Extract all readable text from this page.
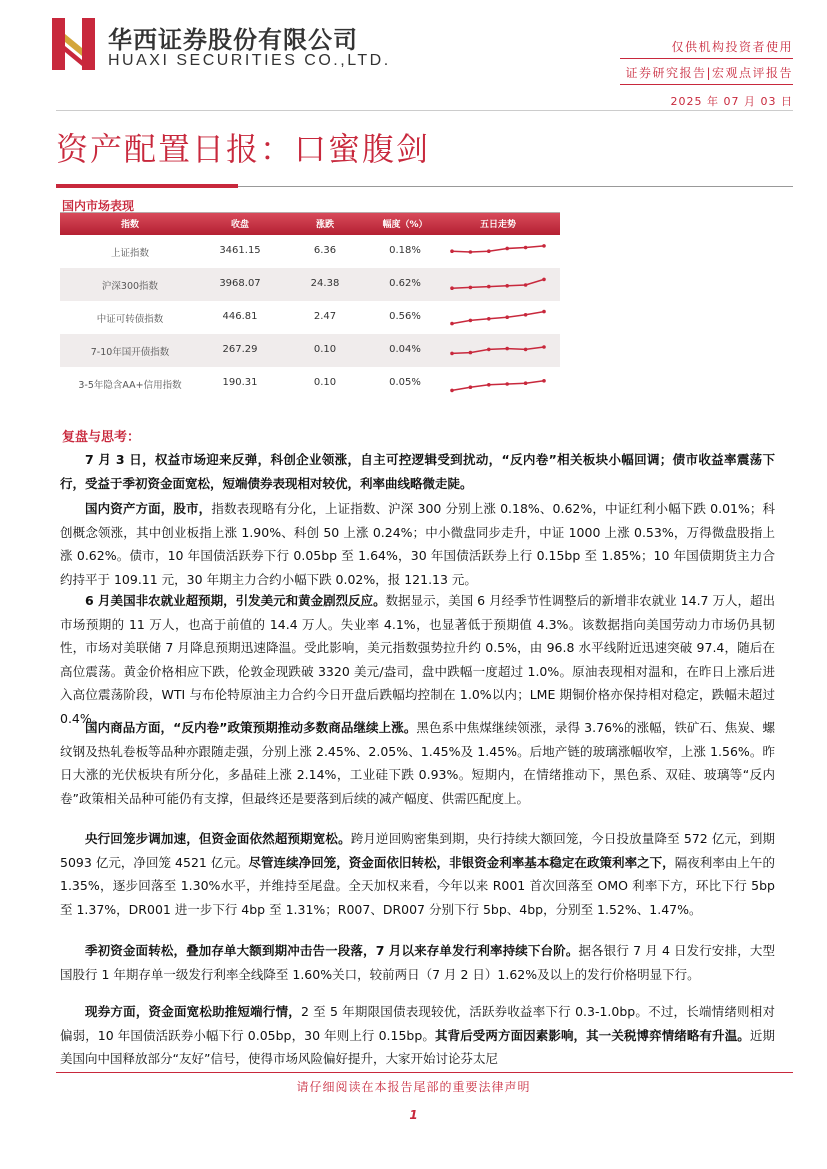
华西证券股份有限公司
HUAXI SECURITIES CO.,LTD.
仅供机构投资者使用
证券研究报告|宏观点评报告
2025 年 07 月 03 日
资产配置日报：口蜜腹剑
国内市场表现
指数	收盘	涨跌	幅度（%）	五日走势
上证指数	3461.15	6.36	0.18%
沪深300指数	3968.07	24.38	0.62%
中证可转债指数	446.81	2.47	0.56%
7-10年国开债指数	267.29	0.10	0.04%
3-5年隐含AA+信用指数	190.31	0.10	0.05%
复盘与思考：
7 月 3 日，权益市场迎来反弹，科创企业领涨，自主可控逻辑受到扰动，“反内卷”相关板块小幅回调；债市收益率震荡下行，受益于季初资金面宽松，短端债券表现相对较优，利率曲线略微走陡。
国内资产方面，股市，指数表现略有分化，上证指数、沪深 300 分别上涨 0.18%、0.62%，中证红利小幅下跌 0.01%；科创概念领涨，其中创业板指上涨 1.90%、科创 50 上涨 0.24%；中小微盘同步走升，中证 1000 上涨 0.53%，万得微盘股指上涨 0.62%。债市，10 年国债活跃券下行 0.05bp 至 1.64%，30 年国债活跃券上行 0.15bp 至 1.85%；10 年国债期货主力合约持平于 109.11 元，30 年期主力合约小幅下跌 0.02%，报 121.13 元。
6 月美国非农就业超预期，引发美元和黄金剧烈反应。数据显示，美国 6 月经季节性调整后的新增非农就业 14.7 万人，超出市场预期的 11 万人，也高于前值的 14.4 万人。失业率 4.1%，也显著低于预期值 4.3%。该数据指向美国劳动力市场仍具韧性，市场对美联储 7 月降息预期迅速降温。受此影响，美元指数强势拉升约 0.5%，由 96.8 水平线附近迅速突破 97.4，随后在高位震荡。黄金价格相应下跌，伦敦金现跌破 3320 美元/盎司，盘中跌幅一度超过 1.0%。原油表现相对温和，在昨日上涨后进入高位震荡阶段，WTI 与布伦特原油主力合约今日开盘后跌幅均控制在 1.0%以内；LME 期铜价格亦保持相对稳定，跌幅未超过 0.4%。
国内商品方面，“反内卷”政策预期推动多数商品继续上涨。黑色系中焦煤继续领涨，录得 3.76%的涨幅，铁矿石、焦炭、螺纹钢及热轧卷板等品种亦跟随走强，分别上涨 2.45%、2.05%、1.45%及 1.45%。后地产链的玻璃涨幅收窄，上涨 1.56%。昨日大涨的光伏板块有所分化，多晶硅上涨 2.14%，工业硅下跌 0.93%。短期内，在情绪推动下，黑色系、双硅、玻璃等“反内卷”政策相关品种可能仍有支撑，但最终还是要落到后续的减产幅度、供需匹配度上。
央行回笼步调加速，但资金面依然超预期宽松。跨月逆回购密集到期，央行持续大额回笼，今日投放量降至 572 亿元，到期 5093 亿元，净回笼 4521 亿元。尽管连续净回笼，资金面依旧转松，非银资金利率基本稳定在政策利率之下，隔夜利率由上午的 1.35%，逐步回落至 1.30%水平，并维持至尾盘。全天加权来看，今年以来 R001 首次回落至 OMO 利率下方，环比下行 5bp 至 1.37%，DR001 进一步下行 4bp 至 1.31%；R007、DR007 分别下行 5bp、4bp，分别至 1.52%、1.47%。
季初资金面转松，叠加存单大额到期冲击告一段落，7 月以来存单发行利率持续下台阶。据各银行 7 月 4 日发行安排，大型国股行 1 年期存单一级发行利率全线降至 1.60%关口，较前两日（7 月 2 日）1.62%及以上的发行价格明显下行。
现券方面，资金面宽松助推短端行情，2 至 5 年期限国债表现较优，活跃券收益率下行 0.3-1.0bp。不过，长端情绪则相对偏弱，10 年国债活跃券小幅下行 0.05bp，30 年则上行 0.15bp。其背后受两方面因素影响，其一关税博弈情绪略有升温。近期美国向中国释放部分“友好”信号，使得市场风险偏好提升，大家开始讨论芬太尼
请仔细阅读在本报告尾部的重要法律声明
1
